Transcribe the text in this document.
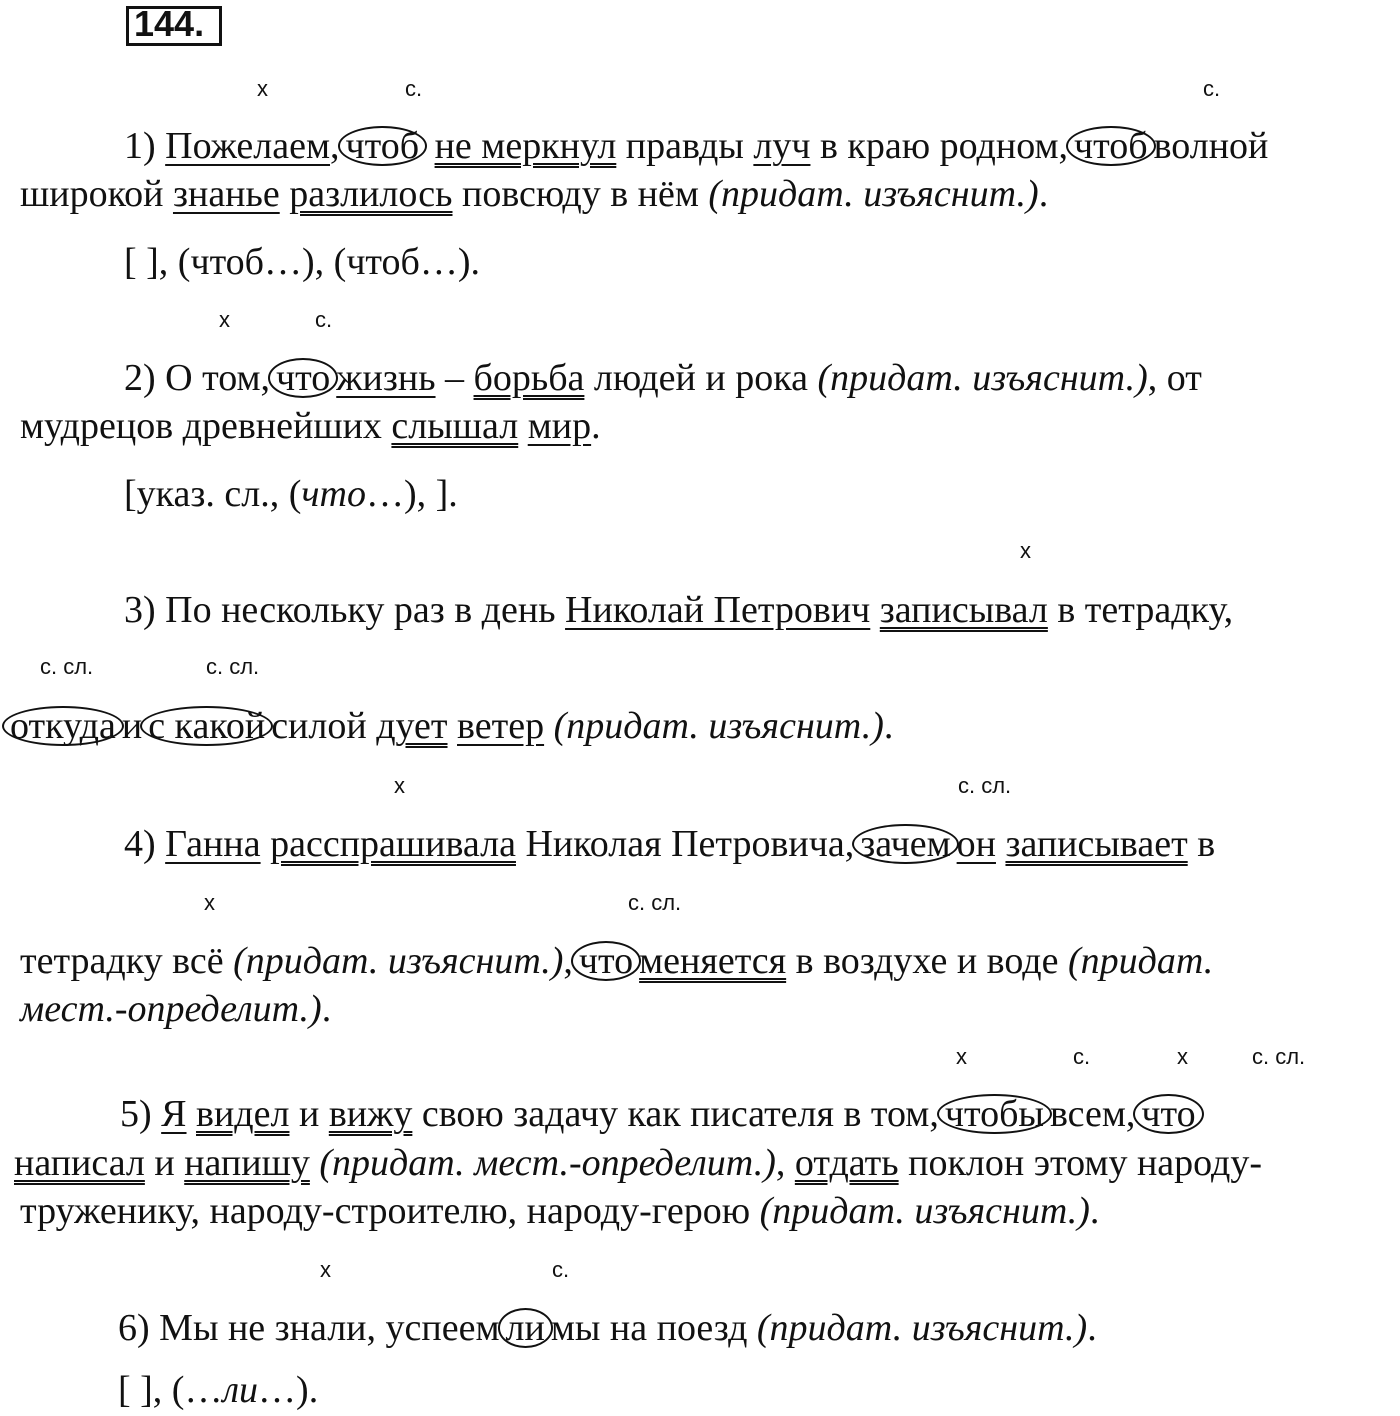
144.
х	с.	с.
1) Пожелаем, чтоб не меркнул правды луч в краю родном, чтоб волной
широкой знанье разлилось повсюду в нём (придат. изъяснит.).
[ ], (чтоб…), (чтоб…).
х	с.
2) О том, что жизнь – борьба людей и рока (придат. изъяснит.), от
мудрецов древнейших слышал мир.
[указ. сл., (что…), ].
х
3) По нескольку раз в день Николай Петрович записывал в тетрадку,
с. сл.	с. сл.
откуда и с какой силой дует ветер (придат. изъяснит.).
х	с. сл.
4) Ганна расспрашивала Николая Петровича, зачем он записывает в
х	с. сл.
тетрадку всё (придат. изъяснит.), что меняется в воздухе и воде (придат.
мест.-определит.).
х	с.	х	с. сл.
5) Я видел и вижу свою задачу как писателя в том, чтобы всем, что
написал и напишу (придат. мест.-определит.), отдать поклон этому народу-
труженику, народу-строителю, народу-герою (придат. изъяснит.).
х	с.
6) Мы не знали, успеем ли мы на поезд (придат. изъяснит.).
[ ], (…ли…).
